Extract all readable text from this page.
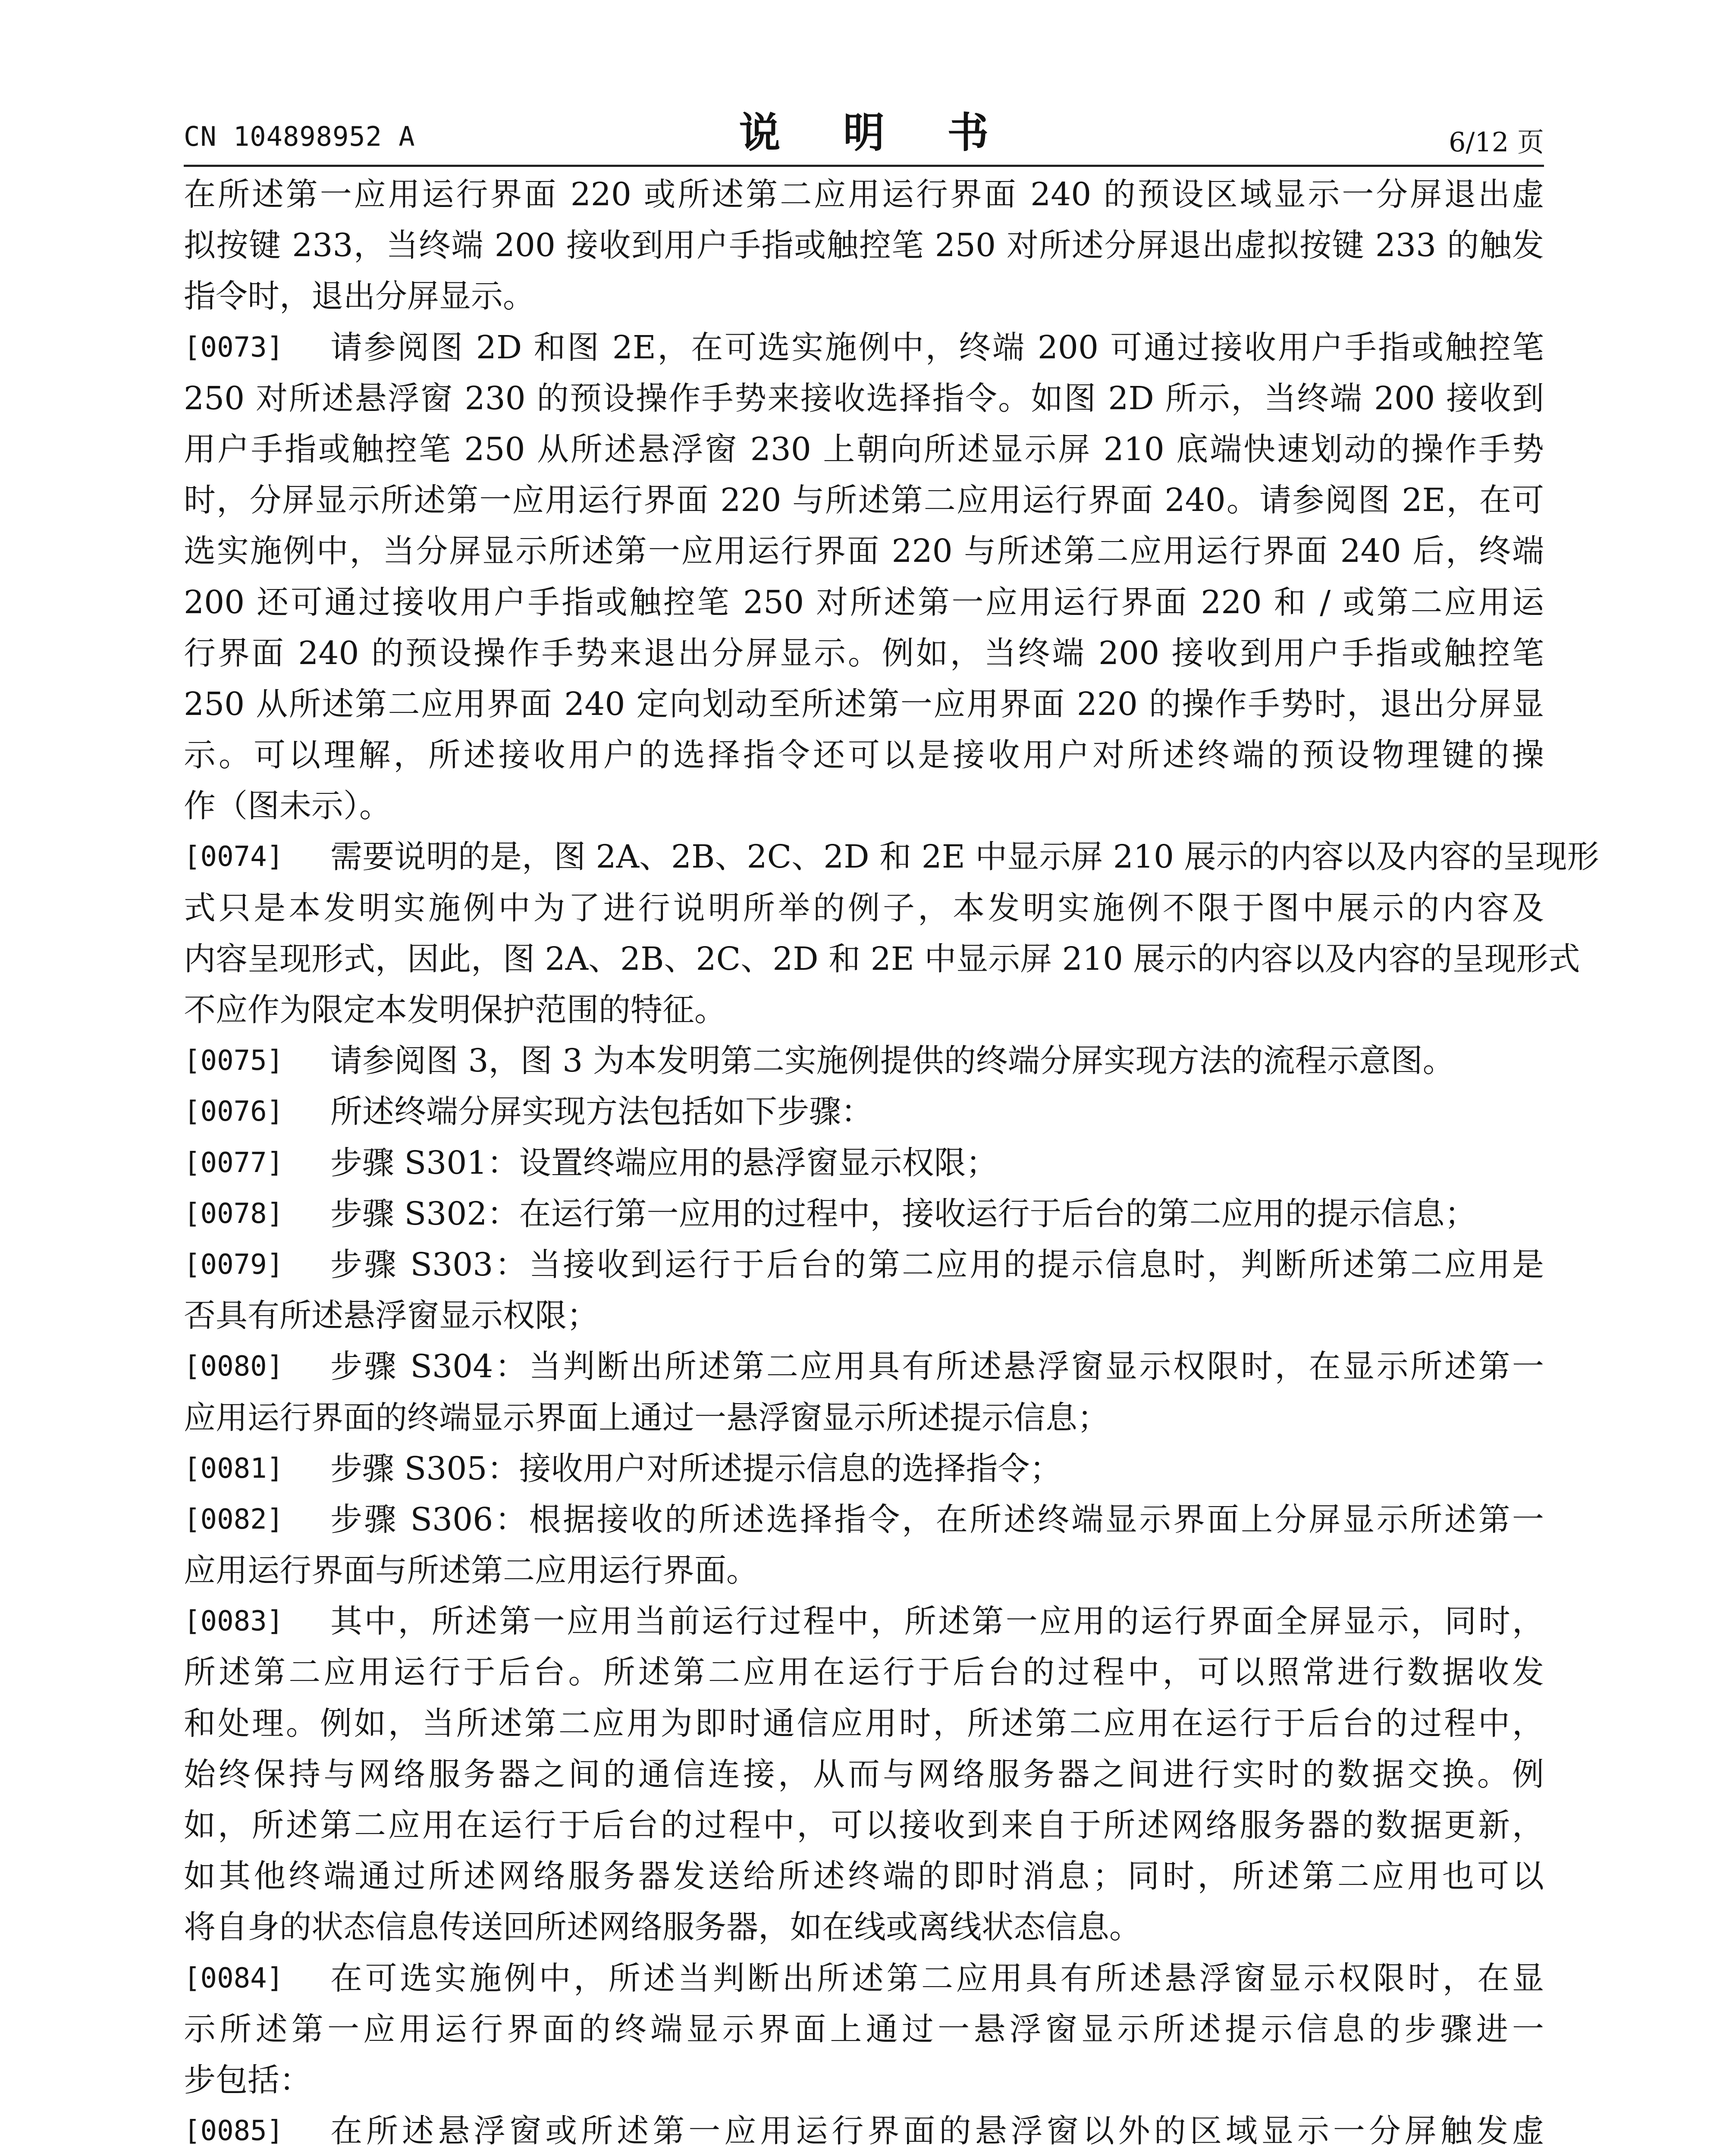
CN 104898952 A	说 明 书	6/12 页
在所述第一应用运行界面 220 或所述第二应用运行界面 240 的预设区域显示一分屏退出虚
拟按键 233，当终端 200 接收到用户手指或触控笔 250 对所述分屏退出虚拟按键 233 的触发
指令时，退出分屏显示。
[0073] 请参阅图 2D 和图 2E，在可选实施例中，终端 200 可通过接收用户手指或触控笔
250 对所述悬浮窗 230 的预设操作手势来接收选择指令。如图 2D 所示，当终端 200 接收到
用户手指或触控笔 250 从所述悬浮窗 230 上朝向所述显示屏 210 底端快速划动的操作手势
时，分屏显示所述第一应用运行界面 220 与所述第二应用运行界面 240。请参阅图 2E，在可
选实施例中，当分屏显示所述第一应用运行界面 220 与所述第二应用运行界面 240 后，终端
200 还可通过接收用户手指或触控笔 250 对所述第一应用运行界面 220 和 / 或第二应用运
行界面 240 的预设操作手势来退出分屏显示。例如，当终端 200 接收到用户手指或触控笔
250 从所述第二应用界面 240 定向划动至所述第一应用界面 220 的操作手势时，退出分屏显
示。可以理解，所述接收用户的选择指令还可以是接收用户对所述终端的预设物理键的操
作（图未示）。
[0074] 需要说明的是，图 2A、2B、2C、2D 和 2E 中显示屏 210 展示的内容以及内容的呈现形
式只是本发明实施例中为了进行说明所举的例子，本发明实施例不限于图中展示的内容及
内容呈现形式，因此，图 2A、2B、2C、2D 和 2E 中显示屏 210 展示的内容以及内容的呈现形式
不应作为限定本发明保护范围的特征。
[0075] 请参阅图 3，图 3 为本发明第二实施例提供的终端分屏实现方法的流程示意图。
[0076] 所述终端分屏实现方法包括如下步骤：
[0077] 步骤 S301：设置终端应用的悬浮窗显示权限；
[0078] 步骤 S302：在运行第一应用的过程中，接收运行于后台的第二应用的提示信息；
[0079] 步骤 S303：当接收到运行于后台的第二应用的提示信息时，判断所述第二应用是
否具有所述悬浮窗显示权限；
[0080] 步骤 S304：当判断出所述第二应用具有所述悬浮窗显示权限时，在显示所述第一
应用运行界面的终端显示界面上通过一悬浮窗显示所述提示信息；
[0081] 步骤 S305：接收用户对所述提示信息的选择指令；
[0082] 步骤 S306：根据接收的所述选择指令，在所述终端显示界面上分屏显示所述第一
应用运行界面与所述第二应用运行界面。
[0083] 其中，所述第一应用当前运行过程中，所述第一应用的运行界面全屏显示，同时，
所述第二应用运行于后台。所述第二应用在运行于后台的过程中，可以照常进行数据收发
和处理。例如，当所述第二应用为即时通信应用时，所述第二应用在运行于后台的过程中，
始终保持与网络服务器之间的通信连接，从而与网络服务器之间进行实时的数据交换。例
如，所述第二应用在运行于后台的过程中，可以接收到来自于所述网络服务器的数据更新，
如其他终端通过所述网络服务器发送给所述终端的即时消息；同时，所述第二应用也可以
将自身的状态信息传送回所述网络服务器，如在线或离线状态信息。
[0084] 在可选实施例中，所述当判断出所述第二应用具有所述悬浮窗显示权限时，在显
示所述第一应用运行界面的终端显示界面上通过一悬浮窗显示所述提示信息的步骤进一
步包括：
[0085] 在所述悬浮窗或所述第一应用运行界面的悬浮窗以外的区域显示一分屏触发虚
